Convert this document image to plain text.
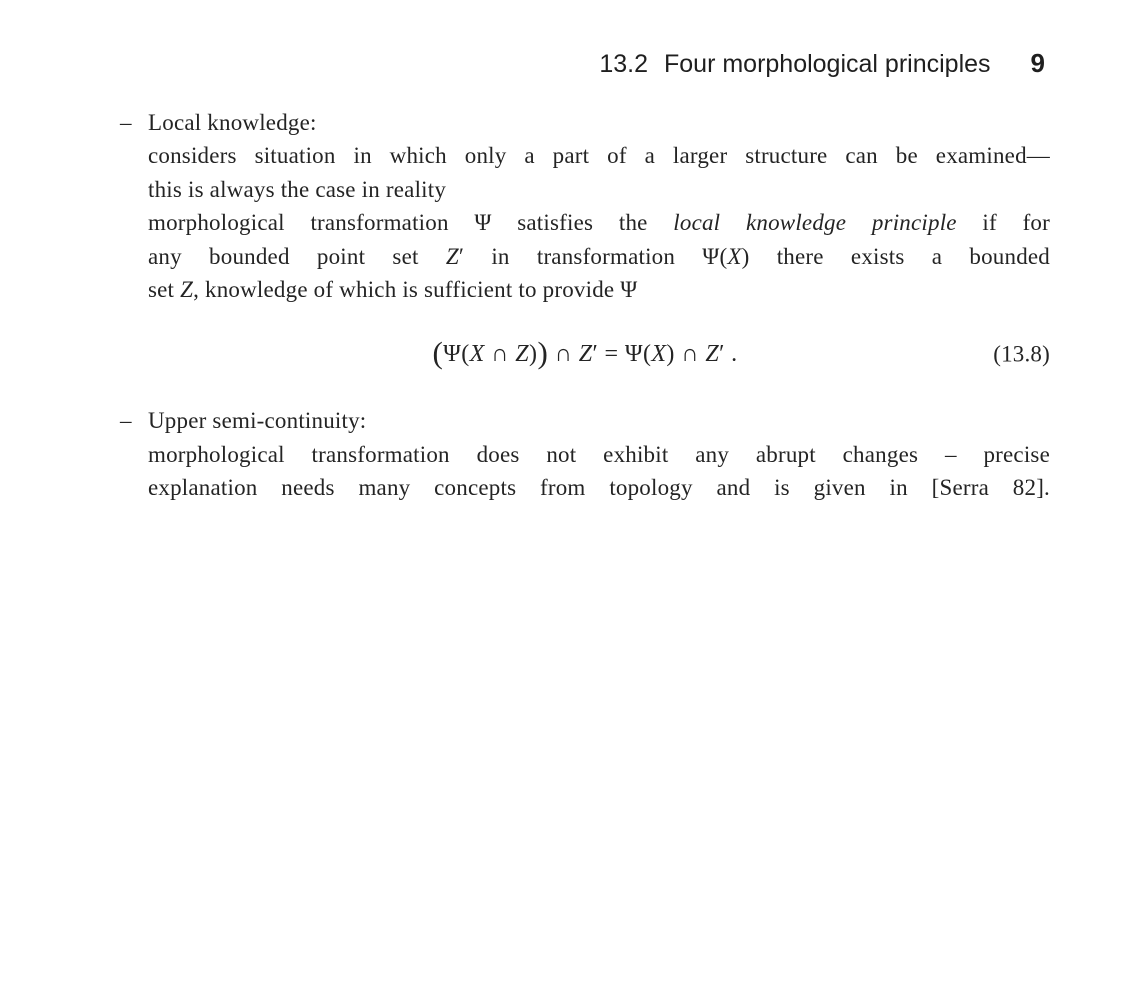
13.2 Four morphological principles 9
– Local knowledge:
considers situation in which only a part of a larger structure can be examined—
this is always the case in reality
morphological transformation Ψ satisfies the local knowledge principle if for
any bounded point set Z′ in transformation Ψ(X) there exists a bounded
set Z, knowledge of which is sufficient to provide Ψ
(Ψ(X ∩ Z)) ∩ Z′ = Ψ(X) ∩ Z′ .	(13.8)
– Upper semi-continuity:
morphological transformation does not exhibit any abrupt changes – precise
explanation needs many concepts from topology and is given in [Serra 82].
